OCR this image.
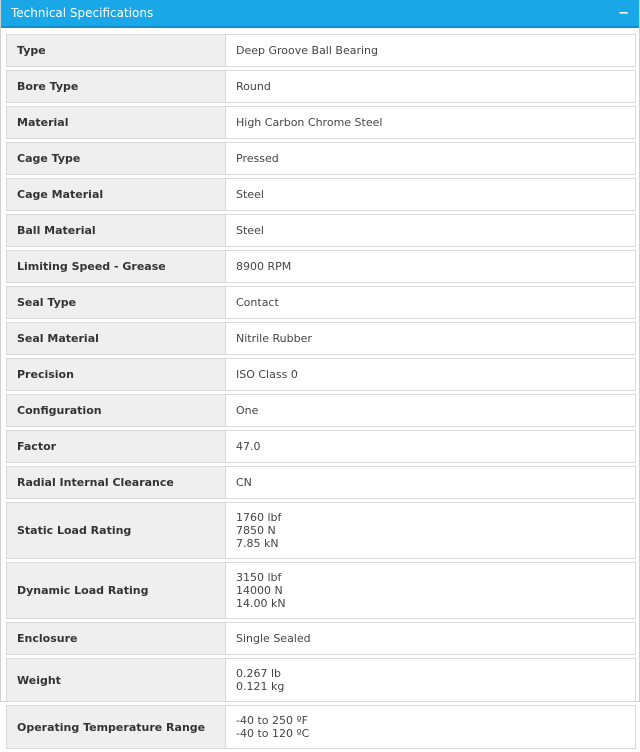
Technical Specifications	−
Type	Deep Groove Ball Bearing

Bore Type	Round

Material	High Carbon Chrome Steel

Cage Type	Pressed

Cage Material	Steel

Ball Material	Steel

Limiting Speed - Grease	8900 RPM

Seal Type	Contact

Seal Material	Nitrile Rubber

Precision	ISO Class 0

Configuration	One

Factor	47.0

Radial Internal Clearance	CN

Static Load Rating	1760 lbf
7850 N
7.85 kN

Dynamic Load Rating	3150 lbf
14000 N
14.00 kN

Enclosure	Single Sealed

Weight	0.267 lb
0.121 kg

Operating Temperature Range	-40 to 250 ºF
-40 to 120 ºC
